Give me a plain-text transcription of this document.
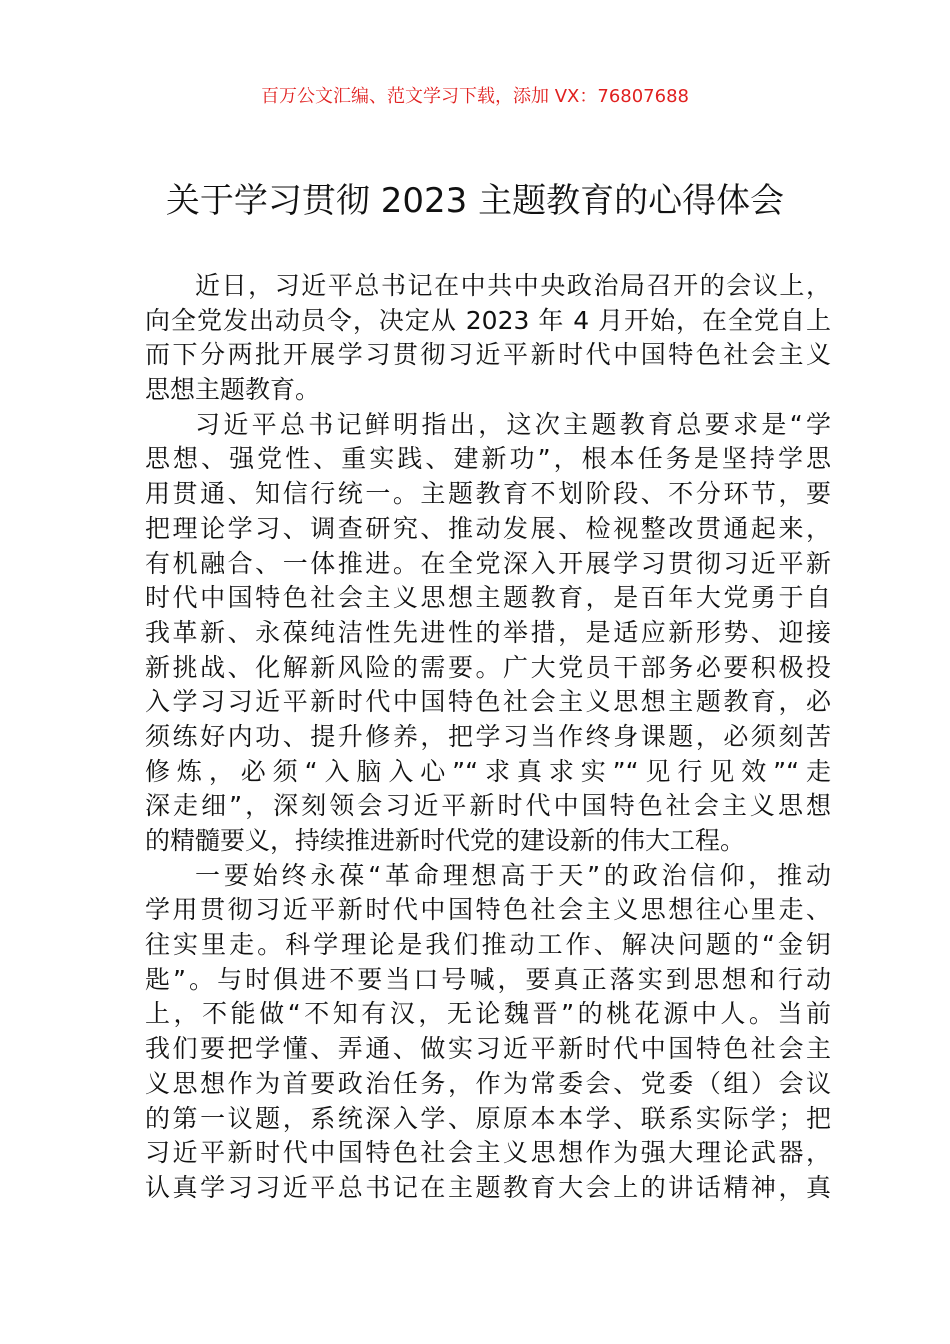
百万公文汇编、范文学习下载，添加 VX：76807688
关于学习贯彻 2023 主题教育的心得体会
近日，习近平总书记在中共中央政治局召开的会议上，
向全党发出动员令，决定从 2023 年 4 月开始，在全党自上
而下分两批开展学习贯彻习近平新时代中国特色社会主义
思想主题教育。
习近平总书记鲜明指出，这次主题教育总要求是“学
思想、强党性、重实践、建新功”，根本任务是坚持学思
用贯通、知信行统一。主题教育不划阶段、不分环节，要
把理论学习、调查研究、推动发展、检视整改贯通起来，
有机融合、一体推进。在全党深入开展学习贯彻习近平新
时代中国特色社会主义思想主题教育，是百年大党勇于自
我革新、永葆纯洁性先进性的举措，是适应新形势、迎接
新挑战、化解新风险的需要。广大党员干部务必要积极投
入学习习近平新时代中国特色社会主义思想主题教育，必
须练好内功、提升修养，把学习当作终身课题，必须刻苦
修炼，必须“入脑入心”“求真求实”“见行见效”“走
深走细”，深刻领会习近平新时代中国特色社会主义思想
的精髓要义，持续推进新时代党的建设新的伟大工程。
一要始终永葆“革命理想高于天”的政治信仰，推动
学用贯彻习近平新时代中国特色社会主义思想往心里走、
往实里走。科学理论是我们推动工作、解决问题的“金钥
匙”。与时俱进不要当口号喊，要真正落实到思想和行动
上，不能做“不知有汉，无论魏晋”的桃花源中人。当前
我们要把学懂、弄通、做实习近平新时代中国特色社会主
义思想作为首要政治任务，作为常委会、党委（组）会议
的第一议题，系统深入学、原原本本学、联系实际学；把
习近平新时代中国特色社会主义思想作为强大理论武器，
认真学习习近平总书记在主题教育大会上的讲话精神，真
